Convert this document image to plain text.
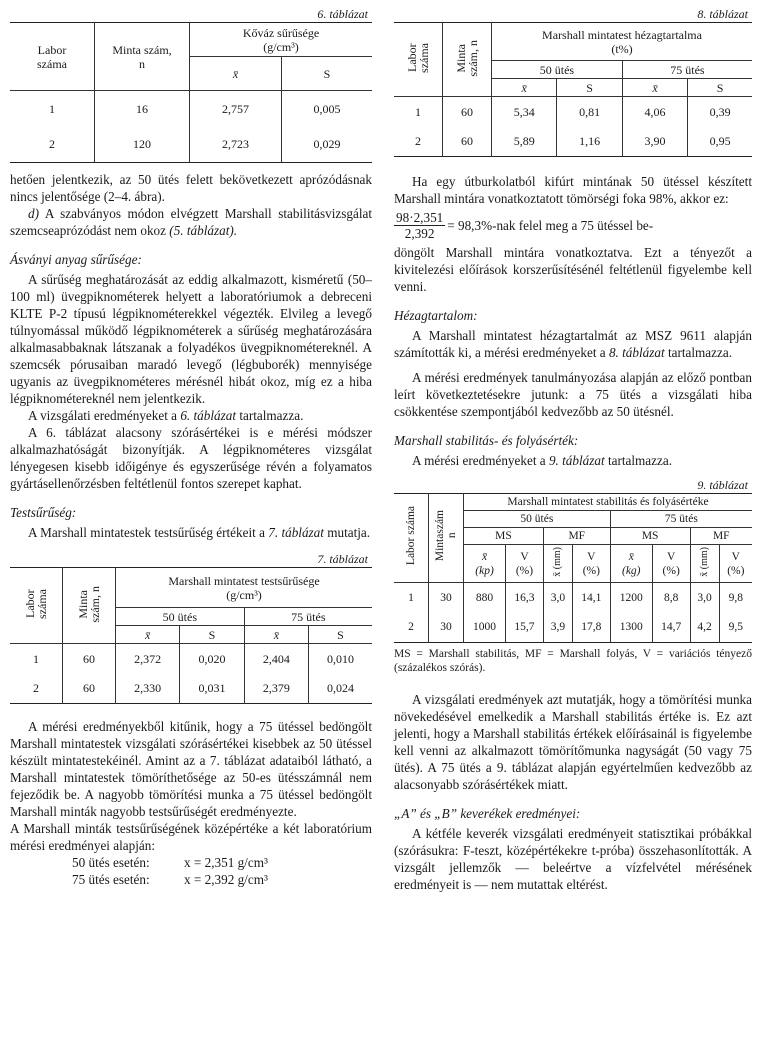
6. táblázat
Labor
száma	Minta szám,
n	Kőváz sűrűsége
(g/cm³)	
		x̄	S
1	16	2,757	0,005
2	120	2,723	0,029

hetően jelentkezik, az 50 ütés felett bekövetkezett aprózódásnak nincs jelentősége (2–4. ábra).

d) A szabványos módon elvégzett Marshall stabilitásvizsgálat szemcseaprózódást nem okoz (5. táblázat).

Ásványi anyag sűrűsége:

A sűrűség meghatározását az eddig alkalmazott, kisméretű (50–100 ml) üvegpiknométerek helyett a laboratóriumok a debreceni KLTE P-2 típusú légpiknométerekkel végezték. Elvileg a levegő túlnyomással működő légpiknométerek a sűrűség meghatározására alkalmasabbaknak látszanak a folyadékos üvegpiknométereknél. A szemcsék pórusaiban maradó levegő (légbuborék) mennyisége ugyanis az üvegpiknométeres mérésnél hibát okoz, míg ez a hiba légpiknométereknél nem jelentkezik.

A vizsgálati eredményeket a 6. táblázat tartalmazza.

A 6. táblázat alacsony szórásértékei is e mérési módszer alkalmazhatóságát bizonyítják. A légpiknométeres vizsgálat lényegesen kisebb időigénye és egyszerűsége révén a folyamatos gyártásellenőrzésben feltétlenül fontos szerepet kaphat.

Testsűrűség:

A Marshall mintatestek testsűrűség értékeit a 7. táblázat mutatja.

7. táblázat
Labor
száma	Minta
szám, n	Marshall mintatest testsűrűsége
(g/cm³)			
		50 ütés		75 ütés	
		x̄	S	x̄	S
1	60	2,372	0,020	2,404	0,010
2	60	2,330	0,031	2,379	0,024

A mérési eredményekből kitűnik, hogy a 75 ütéssel bedöngölt Marshall mintatestek vizsgálati szórásértékei kisebbek az 50 ütéssel készült mintatestekéinél. Amint az a 7. táblázat adataiból látható, a Marshall mintatestek tömöríthetősége az 50-es ütésszámnál nem fejeződik be. A nagyobb tömörítési munka a 75 ütéssel bedöngölt Marshall minták nagyobb testsűrűségét eredményezte.

A Marshall minták testsűrűségének középértéke a két laboratórium mérési eredményei alapján:

50 ütés esetén:	x = 2,351 g/cm³
75 ütés esetén:	x = 2,392 g/cm³
8. táblázat
Labor
száma	Minta
szám, n	Marshall mintatest hézagtartalma
(t%)			
		50 ütés		75 ütés	
		x̄	S	x̄	S
1	60	5,34	0,81	4,06	0,39
2	60	5,89	1,16	3,90	0,95

Ha egy útburkolatból kifúrt mintának 50 ütéssel készített Marshall mintára vonatkoztatott tömörségi foka 98%, akkor ez:

$\frac{98\cdot 2,351}{2,392} = 98,3\%-nak$ felel meg a 75 ütéssel be-

döngölt Marshall mintára vonatkoztatva. Ezt a tényezőt a kivitelezési előírások korszerűsítésénél feltétlenül figyelembe kell venni.

Hézagtartalom:

A Marshall mintatest hézagtartalmát az MSZ 9611 alapján számították ki, a mérési eredményeket a 8. táblázat tartalmazza.

A mérési eredmények tanulmányozása alapján az előző pontban leírt következtetésekre jutunk: a 75 ütés a vizsgálati hiba csökkentése szempontjából kedvezőbb az 50 ütésnél.

Marshall stabilitás- és folyásérték:

A mérési eredményeket a 9. táblázat tartalmazza.

9. táblázat
Labor száma	Mintaszám
n	Marshall mintatest stabilitás és folyásértéke							
		50 ütés				75 ütés			
		MS		MF		MS		MF	
		x̄
(kp)	V
(%)	x̄ (mm)	V
(%)	x̄
(kg)	V
(%)	x̄ (mm)	V
(%)
1	30	880	16,3	3,0	14,1	1200	8,8	3,0	9,8
2	30	1000	15,7	3,9	17,8	1300	14,7	4,2	9,5

MS = Marshall stabilitás, MF = Marshall folyás, V = variációs tényező (százalékos szórás).

A vizsgálati eredmények azt mutatják, hogy a tömörítési munka növekedésével emelkedik a Marshall stabilitás értéke is. Ez azt jelenti, hogy a Marshall stabilitás értékek előírásainál is figyelembe kell venni az alkalmazott tömörítőmunka nagyságát (50 vagy 75 ütés). A 75 ütés a 9. táblázat alapján egyértelműen kedvezőbb az alacsonyabb szórásértékek miatt.

„A” és „B” keverékek eredményei:

A kétféle keverék vizsgálati eredményeit statisztikai próbákkal (szórásukra: F-teszt, középértékekre t-próba) összehasonlították. A vizsgált jellemzők — beleértve a vízfelvétel mérésének eredményeit is — nem mutattak eltérést.
